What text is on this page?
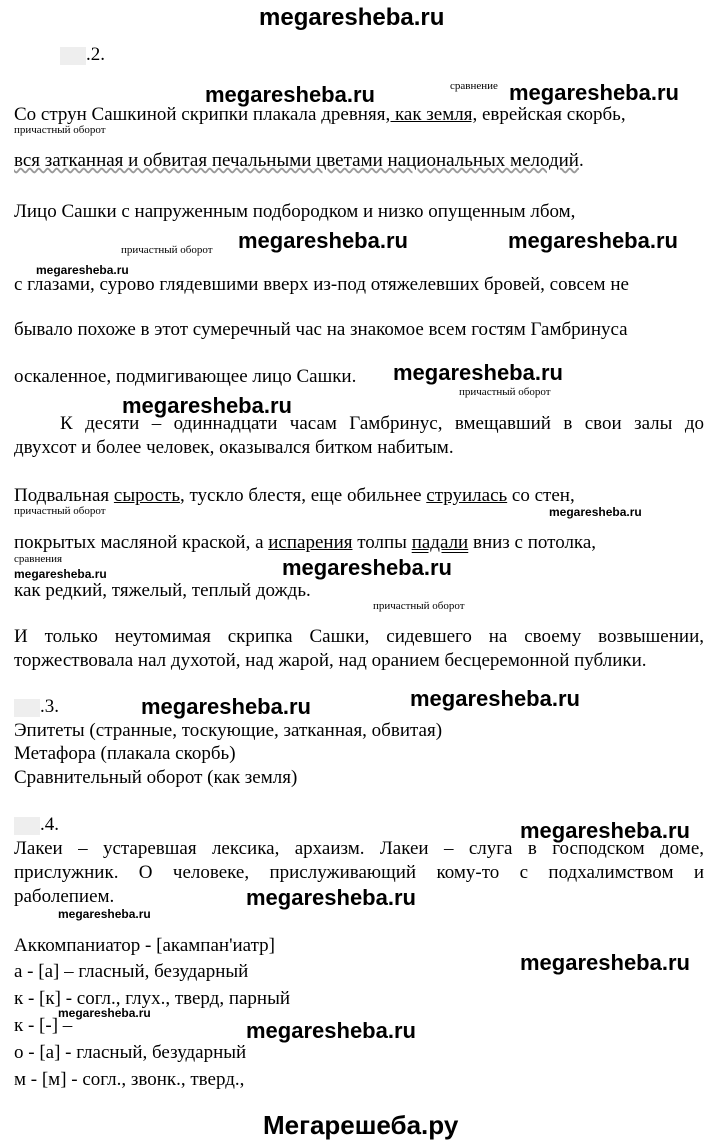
megaresheba.ru
.2.
сравнение
megaresheba.ru	megaresheba.ru
Со струн Сашкиной скрипки плакала древняя, как земля, еврейская скорбь,
причастный оборот
вся затканная и обвитая печальными цветами национальных мелодий.
Лицо Сашки с напруженным подбородком и низко опущенным лбом,
причастный оборот megaresheba.ru	megaresheba.ru
megaresheba.ru
с глазами, сурово глядевшими вверх из-под отяжелевших бровей, совсем не
бывало похоже в этот сумеречный час на знакомое всем гостям Гамбринуса
оскаленное, подмигивающее лицо Сашки. megaresheba.ru
причастный оборот
megaresheba.ru
К десяти – одиннадцати часам Гамбринус, вмещавший в свои залы до
двухсот и более человек, оказывался битком набитым.
Подвальная сырость, тускло блестя, еще обильнее струилась со стен,
причастный оборот	megaresheba.ru
покрытых масляной краской, а испарения толпы падали вниз с потолка,
сравнения	megaresheba.ru
megaresheba.ru
как редкий, тяжелый, теплый дождь.
причастный оборот
И только неутомимая скрипка Сашки, сидевшего на своему возвышении,
торжествовала нал духотой, над жарой, над оранием бесцеремонной публики.
.3.	megaresheba.ru	megaresheba.ru
Эпитеты (странные, тоскующие, затканная, обвитая)
Метафора (плакала скорбь)
Сравнительный оборот (как земля)
.4.	megaresheba.ru
Лакеи – устаревшая лексика, архаизм. Лакеи – слуга в господском доме,
прислужник. О человеке, прислуживающий кому-то с подхалимством и
раболепием.	megaresheba.ru
megaresheba.ru
Аккомпаниатор - [акампан'иатр]
а - [а] – гласный, безударный	megaresheba.ru
к - [к] - согл., глух., тверд, парный
megaresheba.ru
к - [-] –	megaresheba.ru
о - [а] - гласный, безударный
м - [м] - согл., звонк., тверд.,
Мегарешеба.ру
